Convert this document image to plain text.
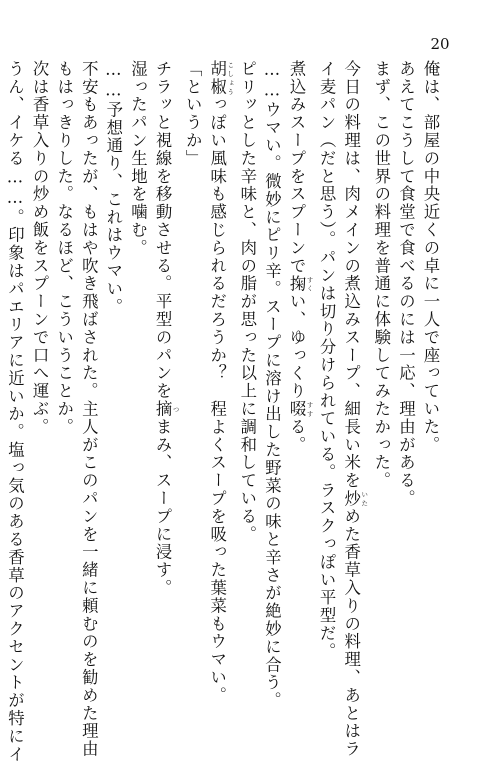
20
俺は、部屋の中央近くの卓に一人で座っていた。
あえてこうして食堂で食べるのには一応、理由がある。
まず、この世界の料理を普通に体験してみたかった。
今日の料理は、肉メインの煮込みスープ、細長い米を炒 いためた香草入りの料理、あとはラ
イ麦パン（だと思う）。パンは切り分けられている。ラスクっぽい平型だ。
煮込みスープをスプーンで掬 すくい、ゆっくり啜 すする。
……ウマい。微妙にピリ辛。スープに溶け出した野菜の味と辛さが絶妙に合う。
ピリッとした辛味と、肉の脂が思った以上に調和している。
胡椒 こしょうっぽい風味も感じられるだろうか？　程よくスープを吸った葉菜もウマい。
「というか」
チラッと視線を移動させる。平型のパンを摘 つまみ、スープに浸す。
湿ったパン生地を噛む。
……予想通り、これはウマい。
不安もあったが、もはや吹き飛ばされた。主人がこのパンを一緒に頼むのを勧めた理由
もはっきりした。なるほど、こういうことか。
次は香草入りの炒め飯をスプーンで口へ運ぶ。
うん、イケる……。印象はパエリアに近いか。塩っ気のある香草のアクセントが特にイ
